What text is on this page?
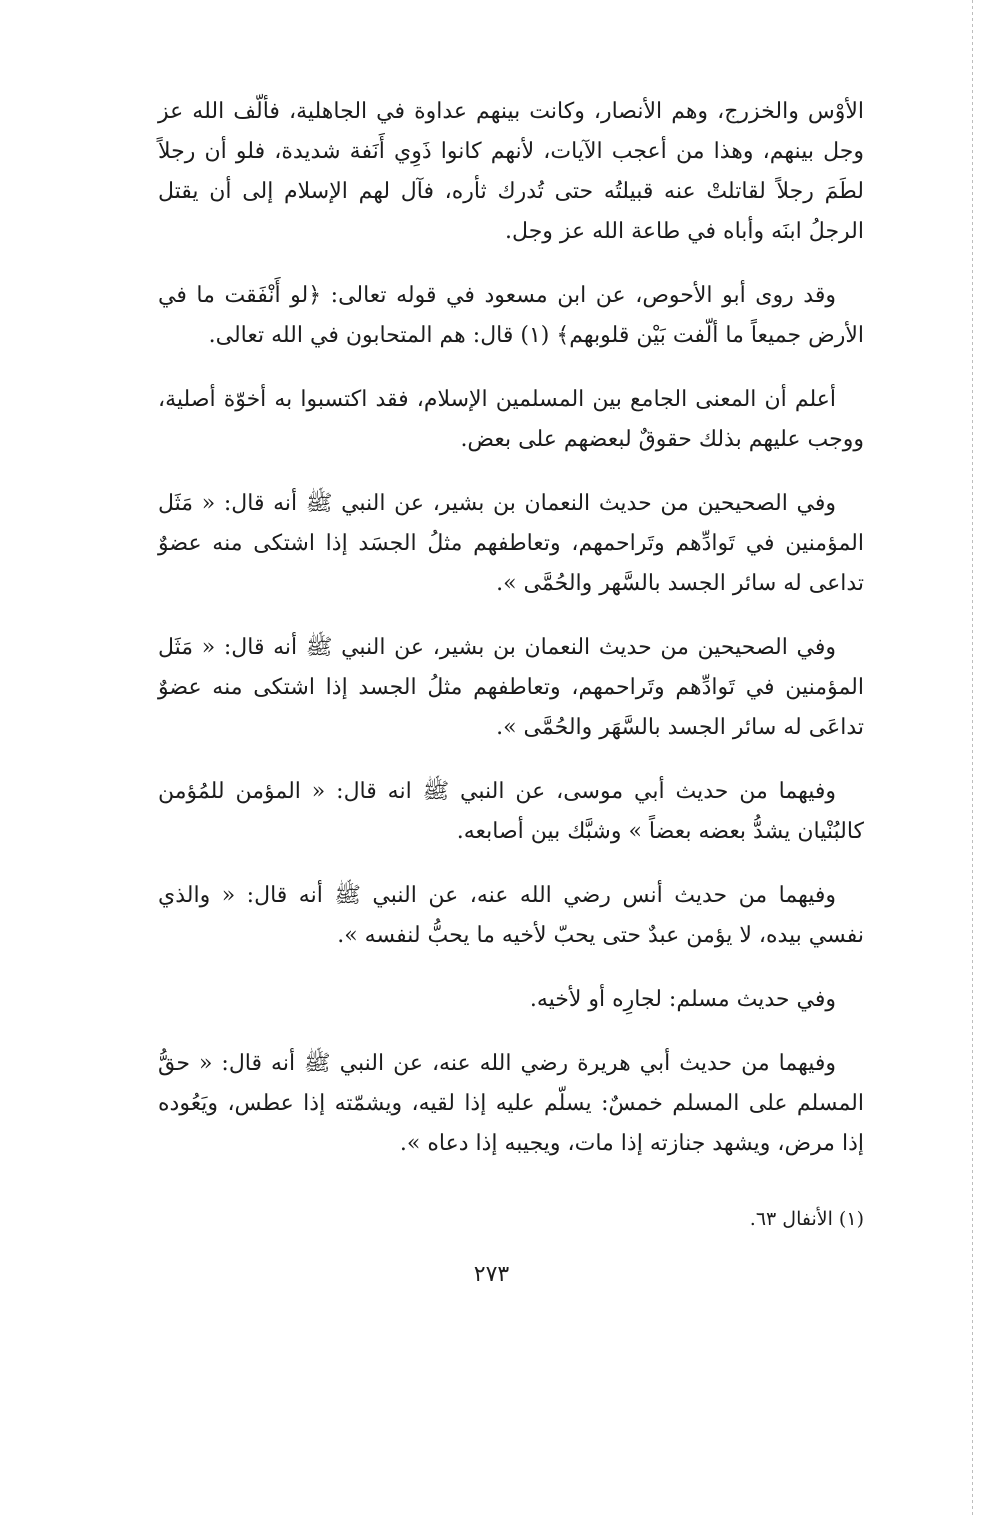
الأوْس والخزرج، وهم الأنصار، وكانت بينهم عداوة في الجاهلية، فألّف الله عز وجل بينهم، وهذا من أعجب الآيات، لأنهم كانوا ذَوِي أَنَفة شديدة، فلو أن رجلاً لطَمَ رجلاً لقاتلتْ عنه قبيلتُه حتى تُدرك ثأره، فآل لهم الإسلام إلى أن يقتل الرجلُ ابنَه وأباه في طاعة الله عز وجل.

وقد روى أبو الأحوص، عن ابن مسعود في قوله تعالى: ﴿لو أَنْفَقت ما في الأرض جميعاً ما ألّفت بَيْن قلوبهم﴾ (١) قال: هم المتحابون في الله تعالى.

أعلم أن المعنى الجامع بين المسلمين الإسلام، فقد اكتسبوا به أخوّة أصلية، ووجب عليهم بذلك حقوقٌ لبعضهم على بعض.

وفي الصحيحين من حديث النعمان بن بشير، عن النبي ﷺ أنه قال: « مَثَل المؤمنين في تَوادِّهم وتَراحمهم، وتعاطفهم مثلُ الجسَد إذا اشتكى منه عضوٌ تداعى له سائر الجسد بالسَّهر والحُمَّى ».

وفي الصحيحين من حديث النعمان بن بشير، عن النبي ﷺ أنه قال: « مَثَل المؤمنين في تَوادِّهم وتَراحمهم، وتعاطفهم مثلُ الجسد إذا اشتكى منه عضوٌ تداعَى له سائر الجسد بالسَّهَر والحُمَّى ».

وفيهما من حديث أبي موسى، عن النبي ﷺ انه قال: « المؤمن للمُؤمن كالبُنْيان يشدُّ بعضه بعضاً » وشبَّك بين أصابعه.

وفيهما من حديث أنس رضي الله عنه، عن النبي ﷺ أنه قال: « والذي نفسي بيده، لا يؤمن عبدٌ حتى يحبّ لأخيه ما يحبُّ لنفسه ».

وفي حديث مسلم: لجارِه أو لأخيه.

وفيهما من حديث أبي هريرة رضي الله عنه، عن النبي ﷺ أنه قال: « حقُّ المسلم على المسلم خمسٌ: يسلّم عليه إذا لقيه، ويشمّته إذا عطس، ويَعُوده إذا مرض، ويشهد جنازته إذا مات، ويجيبه إذا دعاه ».

(١) الأنفال ٦٣.
٢٧٣
